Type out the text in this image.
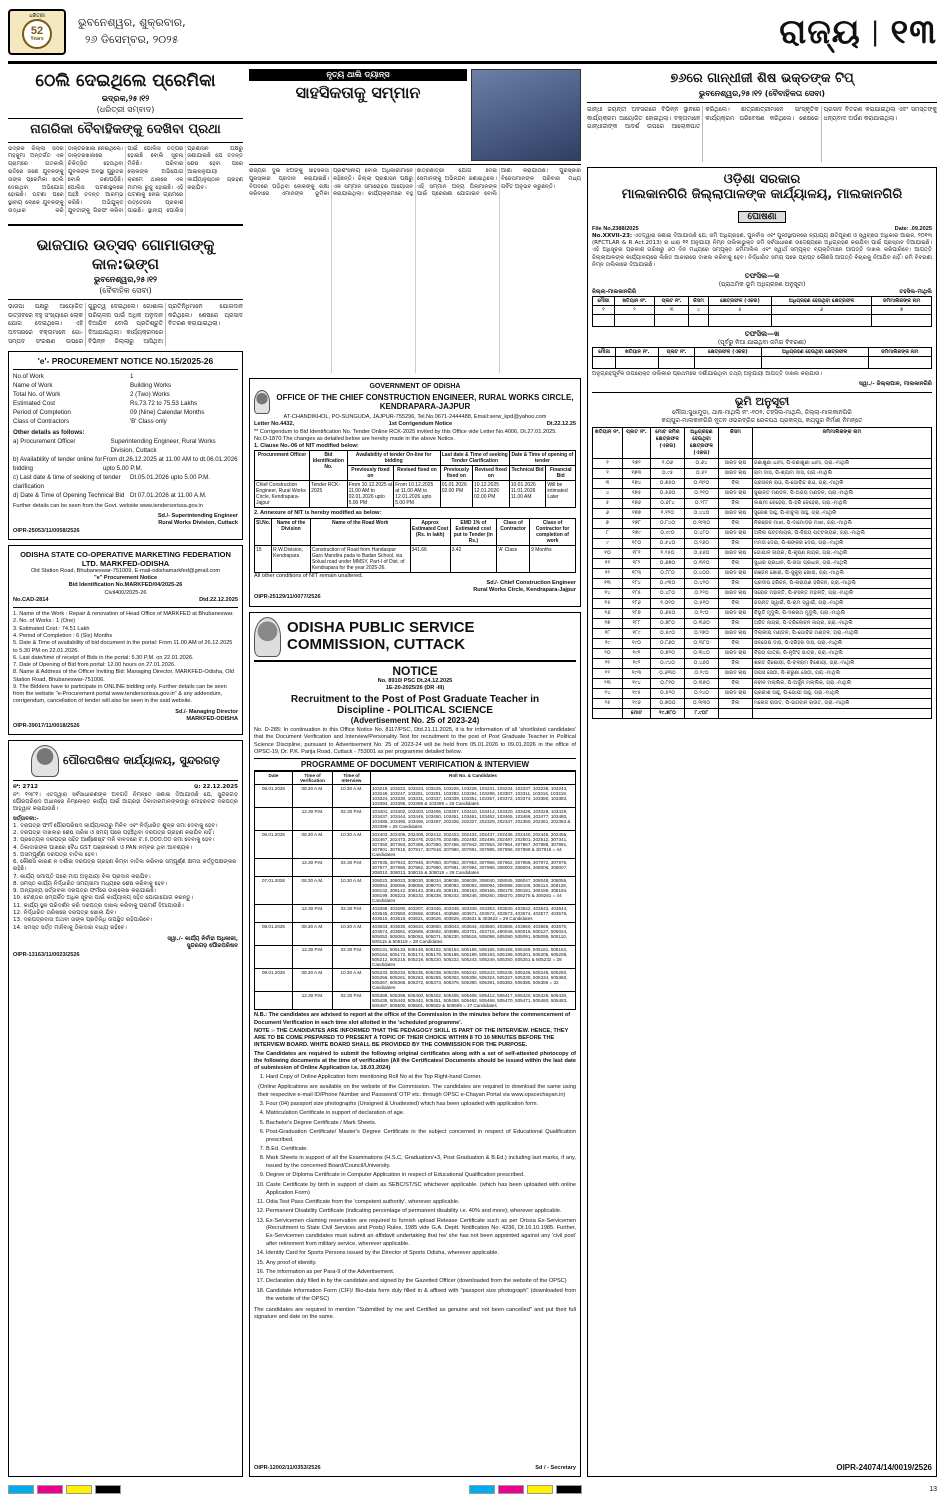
ଧରିତ୍ରୀ
52
Years
ଭୁବନେଶ୍ୱର, ଶୁକ୍ରବାର,
୨୬ ଡିସେମ୍ବର, ୨୦୨୫	ରାଜ୍ୟ | ୧୩
ଠେଲି ଦେଇଥିଲେ ପ୍ରେମିକା
ଭଦ୍ରକ,୨୫।୧୨
(ଧରିତ୍ରୀ ସମ୍ବାଦ)
ନାଗରିକା ବୈବାହିକଙ୍କୁ ଦେଖିବା ପ୍ରଥା
ଭଦ୍ରକ ଜିଲ୍ଲା ସଦର ମହକୁମା ଅନ୍ତର୍ଗତ ଏକ ଗ୍ରାମରେ ଗତକାଲି ରାତିରେ ଜଣେ ଯୁବକଙ୍କୁ ତାଙ୍କ ପ୍ରେମିକା ଠେଲି ଦେଇଥିବା ଅଭିଯୋଗ ହୋଇଛି। ଘଟଣା ପରେ ସ୍ଥାନୀୟ ଲୋକେ ଯୁବକଙ୍କୁ ଉଦ୍ଧାର କରି ଡାକ୍ତରଖାନା ନେଇଥିଲେ। ଡାକ୍ତରଖାନାରେ ଚିକିତ୍ସିତ ହେଉଥିବା ଯୁବକଙ୍କ ଅବସ୍ଥା ଗୁରୁତର ବୋଲି ଜଣାପଡ଼ିଛି। ପୋଲିସ ଘଟଣାସ୍ଥଳରେ ପହଞ୍ଚି ତଦନ୍ତ ଆରମ୍ଭ କରିଛି। ଅଭିଯୁକ୍ତ ଯୁବତୀଙ୍କୁ ଗିରଫ କରିବା ପାଇଁ ପୋଲିସ ତତ୍ପର ହୋଇଛି ବୋଲି ସୂଚନା ମିଳିଛି। ପରିବାର ଲୋକଙ୍କ ଅଭିଯୋଗ କ୍ରମେ ଥାନାରେ ଏକ ମାମଲା ରୁଜୁ ହୋଇଛି। ଏହି ଘଟଣାକୁ ନେଇ ଗ୍ରାମରେ ଉତ୍ତେଜନା ପ୍ରକାଶ ପାଇଛି। ସ୍ଥାନୀୟ ପୋଲିସ ପ୍ରଶାସନ ପକ୍ଷରୁ ଜଣାଯାଇଛି ଯେ ତଦନ୍ତ ଶେଷ ହେବା ପରେ ଆଇନାନୁଯାୟୀ କାର୍ଯ୍ୟାନୁଷ୍ଠାନ ଗ୍ରହଣ କରାଯିବ।
ଭାଜପାର ଉତ୍ସବ ଗୋମାତାଙ୍କୁ କାଳ:ଭଙ୍ଗ
ଭୁବନେଶ୍ୱର,୨୫।୧୨
(ବୈବାହିକ ସେବା)
ଭାଜପା ପକ୍ଷରୁ ଆୟୋଜିତ ଉତ୍ସବରେ ବହୁ ସଂଖ୍ୟାରେ ଲୋକ ଯୋଗ ଦେଇଥିଲେ। ଏହି ଅବସରରେ ବକ୍ତାମାନେ ଗୋ-ସମ୍ପଦ ସଂରକ୍ଷଣ ଉପରେ ଗୁରୁତ୍ୱ ଦେଇଥିଲେ। ଗୋଶାଳା ପରିଚାଳନା ପାଇଁ ଅଧିକ ଅନୁଦାନ ଦିଆଯିବ ବୋଲି ପ୍ରତିଶ୍ରୁତି ଦିଆଯାଇଥିଲା। କାର୍ଯ୍ୟକ୍ରମରେ ବିଭିନ୍ନ ଜିଲ୍ଲାରୁ ଆସିଥିବା ପ୍ରତିନିଧିମାନେ ଯୋଗଦାନ କରିଥିଲେ। ଶେଷରେ ପ୍ରସାଦ ବିତରଣ କରାଯାଇଥିଲା।
'e'- PROCUREMENT NOTICE NO.15/2025-26
No.of Work	1
Name of Work	Building Works
Total No. of Work	2 (Two) Works
Estimated Cost	Rs.73.72 to 75.53 Lakhs
Period of Completion	09 (Nine) Calendar Months
Class of Contractors	'B' Class only
Other details as follows:
a) Procurement Officer	Superintending Engineer, Rural Works Division, Cuttack
b) Availability of tender online for bidding
From dt.26.12.2025 at 11.00 AM to dt.06.01.2026 upto 5.00 P.M.
c) Last date & time of seeking of tender clarification
Dt.05.01.2026 upto 5.00 P.M.
d) Date & Time of Opening Technical Bid Dt 07.01.2026 at 11.00 A.M.
Further details can be seen from the Govt. website www.tendersorissa.gov.in
Sd./- Superintending Engineer
Rural Works Division, Cuttack
OIPR-25053/11/0058/2526
ODISHA STATE CO-OPERATIVE MARKETING FEDERATION LTD. MARKFED-ODISHA
Old Station Road, Bhubaneswar-751009, E-mail-odishamarkfed@gmail.com
"e" Procurement Notice
Bid Identification No.MARKFED/04/2025-26
Civil400/2025-26
No.CAD-2814	Dtd.22.12.2025
1. Name of the Work : Repair & renovation of Head Office of MARKFED at Bhubaneswar.
2. No. of Works : 1 (One)
3. Estimated Cost : 74.51 Lakh
4. Period of Completion : 6 (Six) Months
5. Date & Time of availability of bid document in the portal: From 11.00 AM of 26.12.2025 to 5.30 PM on 22.01.2026.
6. Last date/time of receipt of Bids in the portal: 5.30 P.M. on 22.01.2026.
7. Date of Opening of Bid from portal: 12.00 hours on 27.01.2026.
8. Name & Address of the Officer Inviting Bid: Managing Director, MARKFED-Odisha, Old Station Road, Bhubaneswar-751006.
9. The Bidders have to participate in ONLINE bidding only. Further details can be seen from the website "e-Procurement portal www.tendersorissa.gov.in" & any addendum, corrigendum, cancellation of tender will also be seen in the said website.
Sd./- Managing Director
MARKFED-ODISHA
OIPR-39017/11/0018/2526
ପୌରପରିଷଦ କାର୍ଯ୍ୟାଳୟ, ସୁନ୍ଦରଗଡ଼
ନଂ: 2712	ତା: 22.12.2025
ନଂ: ୧୩୮୧। ଏତଦ୍ଦ୍ୱାରା ସର୍ବସାଧାରଣଙ୍କ ଅବଗତି ନିମନ୍ତେ ଜଣାଇ ଦିଆଯାଉଛି ଯେ, ସୁନ୍ଦରଗଡ଼ ପୌରପରିଷଦ ଅଧୀନରେ ନିମ୍ନୋକ୍ତ କାର୍ଯ୍ୟ ପାଇଁ ଆଗ୍ରହୀ ଠିକାଦାରମାନଙ୍କଠାରୁ ମୋହରବନ୍ଦ ଦରପତ୍ର ଆହ୍ୱାନ କରାଯାଉଛି।
ସର୍ତ୍ତାବଳୀ:-
1. ଦରପତ୍ର ଫର୍ମ ପୌରପରିଷଦ କାର୍ଯ୍ୟାଳୟରୁ ମିଳିବ ଏବଂ ନିର୍ଦ୍ଧାରିତ ଶୁଳ୍କ ଜମା ଦେବାକୁ ହେବ।
2. ଦରପତ୍ର ଦାଖଲର ଶେଷ ତାରିଖ ଓ ସମୟ ପରେ ପହଞ୍ଚିଥିବା ଦରପତ୍ର ଗ୍ରହଣ କରାଯିବ ନାହିଁ।
3. ପ୍ରତ୍ୟେକ ଦରପତ୍ର ସହିତ ଆର୍ଣ୍ଣେଷ୍ଟ ମନି ବାବଦରେ ଟ.୫,୦୦୦.୦୦ ଜମା ଦେବାକୁ ହେବ।
4. ଠିକାଦାରଙ୍କ ପାଖରେ ବୈଧ GST ପଞ୍ଜୀକରଣ ଓ PAN ନମ୍ବର ଥିବା ଆବଶ୍ୟକ।
5. ଅସମ୍ପୂର୍ଣ୍ଣ ଦରପତ୍ର ବାତିଲ ହେବ।
6. କୌଣସି କାରଣ ନ ଦର୍ଶାଇ ଦରପତ୍ର ଗ୍ରହଣ କିମ୍ବା ବାତିଲ କରିବାର ସମ୍ପୂର୍ଣ୍ଣ କ୍ଷମତା କର୍ତ୍ତୃପକ୍ଷଙ୍କର ରହିଛି।
7. କାର୍ଯ୍ୟ ସମାପ୍ତି ପରେ ମାପ ଅନୁଯାୟୀ ବିଲ ପ୍ରଦାନ କରାଯିବ।
8. ସମସ୍ତ କାର୍ଯ୍ୟ ନିର୍ଦ୍ଧାରିତ ସମୟସୀମା ମଧ୍ୟରେ ଶେଷ କରିବାକୁ ହେବ।
9. ଅନ୍ୟାନ୍ୟ ସର୍ତ୍ତାବଳୀ ଦରପତ୍ର ଫର୍ମରେ ଉଲ୍ଲେଖ କରାଯାଇଛି।
10. ଟେଣ୍ଡର ସମ୍ପର୍କିତ ଅଧିକ ସୂଚନା ପାଇଁ କାର୍ଯ୍ୟାଳୟ ସହିତ ଯୋଗାଯୋଗ କରନ୍ତୁ।
11. କାର୍ଯ୍ୟ ସ୍ଥଳ ପରିଦର୍ଶନ କରି ଦରପତ୍ର ଦାଖଲ କରିବାକୁ ପରାମର୍ଶ ଦିଆଯାଉଛି।
12. ନିର୍ଦ୍ଧାରିତ ତାରିଖରେ ଦରପତ୍ର ଖୋଲା ଯିବ।
13. ଦରପତ୍ରଦାତା ଅଥବା ତାଙ୍କ ପ୍ରତିନିଧି ଉପସ୍ଥିତ ରହିପାରିବେ।
14. ସମସ୍ତ ସର୍ତ୍ତ ମାନିବାକୁ ଠିକାଦାର ବାଧ୍ୟ ରହିବେ।
ସ୍ୱା./- କାର୍ଯ୍ୟ ନିର୍ବାହୀ ଅଧିକାରୀ,
ସୁନ୍ଦରଗଡ଼ ପୌରପରିଷଦ
OIPR-13163/11/0023/2526
ନୃତ୍ୟ ଥାଲି ଡ୍ୟାନ୍ସ
ସାହସିକତାକୁ ସମ୍ମାନ
ରାଜ୍ୟର ଦୁଇ ଝିଅଙ୍କୁ ସାହସିକତା ପୁରସ୍କାର ପ୍ରଦାନ କରାଯାଇଛି। ବିପଦରେ ପଡ଼ିଥିବା ଲୋକଙ୍କୁ ରକ୍ଷା କରିବାରେ ଏମାନଙ୍କ ଭୂମିକା ପ୍ରଶଂସନୀୟ ବୋଲି ଅଧିକାରୀମାନେ କହିଛନ୍ତି। ଜିଲ୍ଲା ପ୍ରଶାସନ ପକ୍ଷରୁ ଏକ ସମ୍ମାନ ସମାରୋହର ଆୟୋଜନ କରାଯାଇଥିଲା। କାର୍ଯ୍ୟକ୍ରମରେ ବହୁ ଛାତ୍ରଛାତ୍ରୀ ଯୋଗ ଦେଇ ସେମାନଙ୍କୁ ଅଭିନନ୍ଦନ ଜଣାଇଥିଲେ। ଏହି ସମ୍ମାନ ଅନ୍ୟ ପିଲାମାନଙ୍କ ପାଇଁ ପ୍ରେରଣା ଯୋଗାଇବ ବୋଲି ଆଶା କରାଯାଉଛି। ପୁରସ୍କାର ବିଜେତାମାନଙ୍କ ପରିବାର ମଧ୍ୟ ଗର୍ବିତ ଅନୁଭବ କରୁଛନ୍ତି।
GOVERNMENT OF ODISHA
OFFICE OF THE CHIEF CONSTRUCTION ENGINEER, RURAL WORKS CIRCLE, KENDRAPARA-JAJPUR
AT-CHANDIKHOL, PO-SUNGUDA, JAJPUR-755296, Tel.No.0671-2444488, Email:serw_kpd@yahoo.com
Letter No.4432,	1st Corrigendum Notice	Dt.22.12.25
** Corrigendum to Bid Identification No. Tender Online RCK-2025 invited by this Office vide Letter No.4006, Dt.27.01.2025.
No.O-1870:The changes as detailed below are hereby made in the above Notice.
1. Clause No.-06 of NIT modified below:
Procurement Officer	Bid Identification No.	Availability of tender On-line for bidding		Last date & Time of seeking Tender Clarification		Date & Time of opening of tender	
		Previously fixed on	Revised fixed on	Previously fixed on	Revised fixed on	Technical Bid	Financial Bid
Chief Construction Engineer, Rural Works Circle, Kendrapara-Jajpur	Tender RCK-2025	From 10.12.2025 at 11.00 AM to 02.01.2026 upto 5.00 PM	From 10.12.2025 at 11.00 AM to 12.01.2026 upto 5.00 PM	01.01.2026 02.00 PM	10.12.2025 12.01.2026 02.00 PM	10.01.2026 11.01.2026 11.00 AM	Will be intimated Later
2. Annexure of NIT is hereby modified as below:
Sl.No.	Name of the Division	Name of the Road Work	Approx Estimated Cost (Rs. in lakh)	EMD 1% of Estimated cost put to Tender (in Rs.)	Class of Contractor	Class of Contractor for completion of work
15	R.W.Division, Kendrapara	Construction of Road from Handaspur Garo Mandira pada to Badan School, via Solual road under MMSY, Part-I of Dist. of Kendrapara for the year 2025-26.	341.66	3.42	'A' Class	9 Months
All other conditions of NIT remain unaltered.
Sd./- Chief Construction Engineer
Rural Works Circle, Kendrapara-Jajpur
OIPR-25129/11/0077/2526
ODISHA PUBLIC SERVICE COMMISSION, CUTTACK
NOTICE
No. 8910/ PSC Dt.24.12.2025
1E-20-2025/26 (DR -III)
Recruitment to the Post of Post Graduate Teacher in
Discipline - POLITICAL SCIENCE
(Advertisement No. 25 of 2023-24)
No. D-285: In continuation to this Office Notice No. 8117/PSC, Dtd.21.11.2025, it is for information of all 'shortlisted candidates' that the Document Verification and Interview/Personality Test for recruitment to the post of Post Graduate Teacher in Political Science Discipline, pursuant to Advertisement No. 25 of 2023-24 will be held from 05.01.2026 to 09.01.2026 in the office of OPSC-19, Dr. P.K. Parija Road, Cuttack - 753001 as per programme detailed below.
PROGRAMME OF DOCUMENT VERIFICATION & INTERVIEW
Date	Time of Verification	Time of Interview	Roll No. & Candidates
05.01.2026	08.30 A.M.	10.30 A.M.	103219, 103222, 103224, 103225, 103226, 103228, 103231, 103234, 103237, 103238, 103243, 103246, 103247, 103251, 103291, 103292, 103294, 103298, 103307, 103311, 103316, 103319, 103324, 103330, 103331, 103337, 103339, 103351, 103357, 103372, 103374, 103380, 103383, 103394, 103395, 103398 & 103399 = 28 Candidates
	12.30 P.M.	02.30 P.M.	103401, 103402, 103403, 103405, 103407, 103410, 103414, 103420, 103426, 103428, 103429, 103437, 103444, 103449, 103450, 103451, 103461, 103462, 103465, 103466, 103477, 103480, 103485, 103490, 103496, 103497, 202326, 202327, 202329, 202347, 202360, 202361, 202383 & 202399 = 28 Candidates
06.01.2026	08.30 A.M.	10.30 A.M.	202403, 202406, 202408, 202412, 202423, 202434, 202437, 202438, 202440, 202445, 202455, 202467, 202473, 202476, 202478, 202485, 202492, 202496, 202497, 202501, 202512, 307341, 307360, 307383, 307388, 307390, 307456, 307842, 307853, 307864, 307867, 307888, 307891, 307901, 307915, 307917, 307918, 307990, 307991, 307995, 307996, 307999 & 307916 = 44 Candidates
	12.30 P.M.	02.30 P.M.	307935, 307943, 307948, 307950, 307952, 307953, 307958, 307962, 307969, 307972, 307975, 307977, 307980, 307982, 307990, 307991, 307994, 307998, 308003, 308004, 308006, 308007, 308010, 308013, 308015 & 308019 = 28 Candidates
07.01.2026	08.30 A.M.	10.30 A.M.	308022, 308023, 308030, 308034, 308036, 308039, 308040, 308045, 308047, 308048, 308056, 308064, 308066, 308068, 308070, 308092, 308093, 308094, 308098, 308109, 308113, 308128, 308132, 308142, 308143, 308149, 308161, 308163, 308166, 308178, 308181, 308189, 308194, 308199, 308223, 308232, 308238, 308242, 308246, 308260, 308270, 308275 & 308281 = 44 Candidates
	12.30 P.M.	02.30 P.M.	403288, 403290, 403307, 403346, 403348, 403349, 403353, 403530, 403542, 403543, 403544, 403545, 403550, 403556, 403561, 403568, 403571, 403572, 403573, 403574, 403577, 403578, 403610, 403618, 403621, 403626, 403629, 403631 & 403622 = 28 Candidates
08.01.2026	08.30 A.M.	10.30 A.M.	403633, 403630, 403634, 403650, 403643, 403644, 403660, 403655, 403660, 403665, 403670, 403674, 403681, 403685, 403692, 403698, 403701, 403715, 490046, 500016, 500127, 505024, 505053, 505061, 505062, 505071, 505230, 505516, 505098, 505090, 505091, 505095, 505110, 505115 & 505119 = 28 Candidates
	12.30 P.M.	02.30 P.M.	505131, 505133, 505148, 505152, 505154, 505155, 505156, 505158, 505159, 505161, 505162, 505164, 505172, 505174, 505178, 505185, 505189, 505193, 505198, 505201, 505205, 505208, 505212, 505215, 505219, 505220, 505222, 505243, 505249, 505250, 505251 & 505232 = 28 Candidates
09.01.2026	08.30 A.M.	10.30 A.M.	505233, 505234, 505235, 505238, 505239, 505242, 505243, 505245, 505246, 505248, 505250, 505256, 505261, 505263, 505265, 505302, 505308, 505324, 505327, 505330, 505334, 505360, 505367, 505368, 505372, 505373, 505376, 505380, 505381, 505382, 505385, 505386 = 32 Candidates
	12.30 P.M.	02.30 P.M.	505388, 505398, 505400, 505402, 505405, 505408, 505412, 505417, 505420, 505426, 505430, 505435, 505440, 505442, 505451, 505458, 505462, 505468, 505470, 505471, 505480, 505483, 505487, 505500, 505501, 505502 & 505506 = 27 Candidates
N.B.: The candidates are advised to report at the office of the Commission in the minutes before the commencement of Document Verification in each time slot allotted in the 'scheduled programme'.
NOTE :- THE CANDIDATES ARE INFORMED THAT THE PEDAGOGY SKILL IS PART OF THE INTERVIEW. HENCE, THEY ARE TO BE COME PREPARED TO PRESENT A TOPIC OF THEIR CHOICE WITHIN 8 TO 10 MINUTES BEFORE THE INTERVIEW BOARD. WHITE BOARD SHALL BE PROVIDED BY THE COMMISSION FOR THE PURPOSE.
The Candidates are required to submit the following original certificates along with a set of self-attested photocopy of the following documents at the time of verification (All the Certificates/ Documents should be issued within the last date of submission of Online Application i.e. 18.03.2024)
1. Hard Copy of Online Application form mentioning Roll No at the Top Right-hand Corner.
(Online Applications are available on the website of the Commission. The candidates are required to download the same using their respective e-mail ID/Phone Number and Password/ OTP etc. through OPSC e-Chayan Portal via www.opscechayan.in)
3. Four (04) passport size photographs (Unsigned & Unattested) which has been uploaded with application form.
4. Matriculation Certificate in support of declaration of age.
5. Bachelor's Degree Certificate / Mark Sheets.
6. Post-Graduation Certificate/ Master's Degree Certificate in the subject concerned in respect of Educational Qualification prescribed.
7. B.Ed. Certificate.
8. Mark Sheets in support of all the Examinations (H.S.C, Graduation/+3, Post Graduation & B.Ed.) including last marks, if any, issued by the concerned Board/Council/University.
9. Degree or Diploma Certificate in Computer Application in respect of Educational Qualification prescribed.
10. Caste Certificate by birth in support of claim as SEBC/ST/SC whichever applicable. (which has been uploaded with online Application Form)
11. Odia Test Pass Certificate from the 'competent authority', wherever applicable.
12. Permanent Disability Certificate (indicating percentage of permanent disability i.e. 40% and more); wherever applicable.
13. Ex-Servicemen claiming reservation are required to furnish upload Release Certificate such as per Orissa Ex-Servicemen (Recruitment to State Civil Services and Posts) Rules, 1985 vide G.A. Deptt. Notification No. 4236, Dt.16.10.1985. Further, Ex-Servicemen candidates must submit an affidavit undertaking that he/ she has not been appointed against any 'civil post' after retirement from military service, wherever applicable.
14. Identity Card for Sports Persons issued by the Director of Sports Odisha, wherever applicable.
15. Any proof of identity.
16. The information as per Para-9 of the Advertisement.
17. Declaration duly filled in by the candidate and signed by the Gazetted Officer (downloaded from the website of the OPSC)
18. Candidate Information Form (CIF)/ Bio-data form duly filled in & affixed with "passport size photograph" (downloaded from the website of the OPSC)
The candidates are required to mention "Submitted by me and Certified as genuine and not been cancelled" and put their full signature and date on the same.
OIPR-12002/11/0353/2526	Sd / - Secretary
୭୬ରେ ଗାନ୍ଧୀଜୀ ଶିଷ ଭକ୍ତଙ୍କ ଟିପ୍
ଭୁବନେଶ୍ୱର,୨୫।୧୨ (ବୈବାହିକତା ସେବା)
ଗାନ୍ଧୀ ଜୟନ୍ତୀ ଅବସରରେ ବିଭିନ୍ନ ସ୍ଥାନରେ କାର୍ଯ୍ୟକ୍ରମ ଆୟୋଜିତ ହୋଇଥିଲା। ବକ୍ତାମାନେ ଗାନ୍ଧୀଜୀଙ୍କ ଆଦର୍ଶ ଉପରେ ଆଲୋକପାତ କରିଥିଲେ। ଛାତ୍ରଛାତ୍ରୀମାନେ ସାଂସ୍କୃତିକ କାର୍ଯ୍ୟକ୍ରମ ପରିବେଷଣ କରିଥିଲେ। ଶେଷରେ ପ୍ରସାଦ ବିତରଣ କରାଯାଇଥିଲା ଏବଂ ସମସ୍ତଙ୍କୁ ଧନ୍ୟବାଦ ଅର୍ପଣ କରାଯାଇଥିଲା।
ଓଡ଼ିଶା ସରକାର
ମାଲକାନଗିରି ଜିଲ୍ଲାପାଳଙ୍କ କାର୍ଯ୍ୟାଳୟ, ମାଲକାନଗିରି
ଘୋଷଣା
File No.2388/2025	Date: .09.2025
No.XXVII-23: ଏତଦ୍ଦ୍ୱାରା ଜଣାଇ ଦିଆଯାଉଛି ଯେ, ଜମି ଅଧିଗ୍ରହଣ, ପୁନର୍ବାସ ଏବଂ ପୁନଃସ୍ଥାପନରେ ନ୍ୟାଯ୍ୟ କ୍ଷତିପୂରଣ ଓ ସ୍ୱଚ୍ଛତା ଅଧିକାର ଆଇନ, ୨୦୧୩ (RFCTLAR & R Act.2013) ର ଧାରା ୧୧ ଅନୁଯାୟୀ ନିମ୍ନ ତାଲିକାଭୁକ୍ତ ଜମି ସର୍ବସାଧାରଣ ଉଦ୍ଦେଶ୍ୟରେ ଅଧିଗ୍ରହଣ କରାଯିବା ପାଇଁ ପ୍ରସ୍ତାବ ଦିଆଯାଇଛି। ଏହି ଅଧିସୂଚନା ପ୍ରକାଶ ତାରିଖରୁ ୬୦ ଦିନ ମଧ୍ୟରେ ସମ୍ପୃକ୍ତ ଜମିମାଲିକ ଏବଂ ସ୍ୱାର୍ଥ ସମ୍ପୃକ୍ତ ବ୍ୟକ୍ତିମାନେ ଆପତ୍ତି ଦାଖଲ କରିପାରିବେ। ଆପତ୍ତି ଜିଲ୍ଲାପାଳଙ୍କ କାର୍ଯ୍ୟାଳୟରେ ଲିଖିତ ଆକାରରେ ଦାଖଲ କରିବାକୁ ହେବ। ନିର୍ଦ୍ଧାରିତ ସମୟ ପରେ ପ୍ରାପ୍ତ କୌଣସି ଆପତ୍ତି ବିଚାରକୁ ନିଆଯିବ ନାହିଁ। ଜମି ବିବରଣୀ ନିମ୍ନ ତାଲିକାରେ ଦିଆଯାଇଛି।
ତଫସିଲ—କ
(ପ୍ରାଥମିକ ଭୂମି ଅଧିଗ୍ରହଣ ଅନୁସୂଚୀ)
ଜିଲ୍ଲା-ମାଲକାନଗିରି	ତହସିଲ-ମାଥିଲି
ମୌଜା	ଖତିୟାନ ନଂ.	ପ୍ଲଟ ନଂ.	କିସମ	କ୍ଷେତ୍ରଫଳ (ଏକର)	ଅଧିଗ୍ରହଣ ହେଉଥିବା କ୍ଷେତ୍ରଫଳ	ଜମିମାଲିକଙ୍କ ନାମ
୧	୨	୩	୪	୫	୬	୭

ତଫସିଲ—ଖ
(ପୂର୍ବରୁ ନିଆ ଯାଇଥିବା ଜମିର ବିବରଣୀ)
ମୌଜା	ଖତିୟାନ ନଂ.	ପ୍ଲଟ ନଂ.	କ୍ଷେତ୍ରଫଳ (ଏକର)	ଅଧିଗ୍ରହଣ ହେଉଥିବା କ୍ଷେତ୍ରଫଳ	ଜମିମାଲିକଙ୍କ ନାମ

ଅନୁଗ୍ରହପୂର୍ବକ ଉପରୋକ୍ତ ତାଲିକାର ପ୍ରଥମରେ ଦର୍ଶାଯାଇଥିବା ତଥ୍ୟ ଅନୁଯାୟୀ ଆପତ୍ତି ଦାଖଲ କରାଯାଉ।
ସ୍ୱା./- ଜିଲ୍ଲାପାଳ, ମାଲକାନଗିରି
ଭୂମି ଅନୁସୂଚୀ
ମୌଜା:ସୁଧାମୁଡ଼ା, ଥାନା-ମାଥିଲି ନଂ.-୧୦୧, ତହସିଲ-ମାଥିଲି, ଜିଲ୍ଲା-ମାଲକାନଗିରି
କୟପୁର-ମାଲକାନଗିରି ନୂତନ ଓଭରବ୍ରିଜ ରେଳପଥ ପ୍ରକଳ୍ପ, କୟପୁର ନିର୍ମାଣ ନିମନ୍ତେ
ଖତିୟାନ ନଂ.	ପ୍ଲଟ ନଂ.	ମୋଟ ଜମିର କ୍ଷେତ୍ରଫଳ (ଏକର)	ଅଧିଗ୍ରହଣ ହେଉଥିବା କ୍ଷେତ୍ରଫଳ (ଏକର)	କିସମ	ଜମିମାଲିକଙ୍କ ନାମ
୧	୧୭୨	୧.୦୬	୦.୬୪	ସାରଦ ଚାଷ	ଜଣାଶୁଣା ଧାମୀ, ପି-ଜଣାଶୁଣା ଧାମୀ, ଗ୍ରା.-ମାଥିଲି
୨	୧୭୩	୦.୯୫	୦.୫୨	ସାରଦ ଚାଷ	ରାମ ଦାସ, ପି-ଶ୍ୟାମ ଦାସ, ଗ୍ରା.-ମାଥିଲି
୩	୧୭୪	୦.୭୫୦	୦.୩୨୦	ବିଲ	ପ୍ରସନ୍ନ ରାଓ, ପି-ଗୋବିନ୍ଦ ରାଓ, ଗ୍ରା.-ମାଥିଲି
୪	୧୭୫	୦.୫୬୦	୦.୨୧୦	ସାରଦ ଚାଷ	ସୁଶାନ୍ତ ମଣ୍ଡଳ, ପି-ଅଜୟ ମଣ୍ଡଳ, ଗ୍ରା.-ମାଥିଲି
୫	୧୭୬	୦.୬୮୪	୦.୨୮୮	ବିଲ	ଲକ୍ଷ୍ମୀ ବେହେରା, ପି-ହରି ବେହେରା, ଗ୍ରା.-ମାଥିଲି
୬	୧୭୭	୧.୧୨୦	୦.୪୪୦	ସାରଦ ଚାଷ	ସୁରେଶ ସାହୁ, ପି-ବାବୁଲା ସାହୁ, ଗ୍ରା.-ମାଥିଲି
୭	୧୭୮	୦.୮୪୦	୦.୩୩୦	ବିଲ	ନିରଞ୍ଜନ ମାଝୀ, ପି-ଦାମୋଦର ମାଝୀ, ଗ୍ରା.-ମାଥିଲି
୮	୧୭୯	୦.୯୯୦	୦.୪୮୦	ସାରଦ ଚାଷ	ଅନିଲ ପଟ୍ଟନାୟକ, ପି-ବିଜୟ ପଟ୍ଟନାୟକ, ଗ୍ରା.-ମାଥିଲି
୯	୧୮୦	୦.୫୪୦	୦.୨୬୦	ବିଲ	ମମତା ଦେଇ, ପି-ଶଙ୍କର ଦେଇ, ଗ୍ରା.-ମାଥିଲି
୧୦	୧୮୧	୧.୨୫୦	୦.୫୬୦	ସାରଦ ଚାଷ	ଗୋପାଳ ନାୟକ, ପି-କୃଷ୍ଣ ନାୟକ, ଗ୍ରା.-ମାଥିଲି
୧୧	୧୮୨	୦.୬୭୦	୦.୩୧୦	ବିଲ	ସୁଧୀର ପ୍ରଧାନ, ପି-ଜଗା ପ୍ରଧାନ, ଗ୍ରା.-ମାଥିଲି
୧୨	୧୮୩	୦.୮୮୦	୦.୪୦୦	ସାରଦ ଚାଷ	ରଞ୍ଜନ ଖୋରା, ପି-ସୁକୁରା ଖୋରା, ଗ୍ରା.-ମାଥିଲି
୧୩	୧୮୪	୦.୯୩୦	୦.୪୨୦	ବିଲ	ପ୍ରଦୀପ ହରିଜନ, ପି-ନାରାୟଣ ହରିଜନ, ଗ୍ରା.-ମାଥିଲି
୧୪	୧୮୫	୦.୪୮୦	୦.୨୨୦	ସାରଦ ଚାଷ	ସରୋଜ ମହାନ୍ତି, ପି-ବସନ୍ତ ମହାନ୍ତି, ଗ୍ରା.-ମାଥିଲି
୧୫	୧୮୬	୧.୦୨୦	୦.୫୧୦	ବିଲ	ଜୟନ୍ତ ସ୍ୱାଇଁ, ପି-ରାମ ସ୍ୱାଇଁ, ଗ୍ରା.-ମାଥିଲି
୧୬	୧୮୭	୦.୬୫୦	୦.୨୯୦	ସାରଦ ଚାଷ	ବିଭୂତି ମୁଦୁଲି, ପି-ଦଶରଥ ମୁଦୁଲି, ଗ୍ରା.-ମାଥିଲି
୧୭	୧୮୮	୦.୭୮୦	୦.୩୬୦	ବିଲ	ଅଜିତ ନାୟକ, ପି-ତ୍ରିଲୋଚନ ନାୟକ, ଗ୍ରା.-ମାଥିଲି
୧୮	୧୮୯	୦.୫୯୦	୦.୨୭୦	ସାରଦ ଚାଷ	ଦିଲ୍ଲୀପ ମଣ୍ଡଳ, ପି-ଗୋବିନ୍ଦ ମଣ୍ଡଳ, ଗ୍ରା.-ମାଥିଲି
୧୯	୧୯୦	୦.୮୬୦	୦.୩୮୦	ବିଲ	ସନ୍ତୋଷ ଦାସ, ପି-ହରିହର ଦାସ, ଗ୍ରା.-ମାଥିଲି
୨୦	୧୯୧	୦.୭୨୦	୦.୩୪୦	ସାରଦ ଚାଷ	ବିଜୟ ପାତ୍ର, ପି-ନୃସିଂହ ପାତ୍ର, ଗ୍ରା.-ମାଥିଲି
୨୧	୧୯୨	୦.୯୪୦	୦.୪୬୦	ବିଲ	ଶରତ ବିଶୋୟୀ, ପି-ବଳରାମ ବିଶୋୟୀ, ଗ୍ରା.-ମାଥିଲି
୨୨	୧୯୩	୦.୬୩୦	୦.୨୯୦	ସାରଦ ଚାଷ	ତାପସ ସେଠୀ, ପି-କରୁଣା ସେଠୀ, ଗ୍ରା.-ମାଥିଲି
୨୩	୧୯୪	୦.୮୧୦	୦.୩୭୦	ବିଲ	ନବୀନ ମଲ୍ଲିକ, ପି-ଅର୍ଜୁନ ମଲ୍ଲିକ, ଗ୍ରା.-ମାଥିଲି
୨୪	୧୯୫	୦.୫୨୦	୦.୨୪୦	ସାରଦ ଚାଷ	ପ୍ରକାଶ ସାହୁ, ପି-ଗୋପୀ ସାହୁ, ଗ୍ରା.-ମାଥିଲି
୨୫	୧୯୬	୦.୭୦୦	୦.୩୩୦	ବିଲ	ମନୋଜ ରାଉତ, ପି-ଭଗବାନ ରାଉତ, ଗ୍ରା.-ମାଥିଲି
	ମୋଟ	୧୯.୭୮୦	୮.୯୦୮		
OIPR-24074/14/0019/2526
13
